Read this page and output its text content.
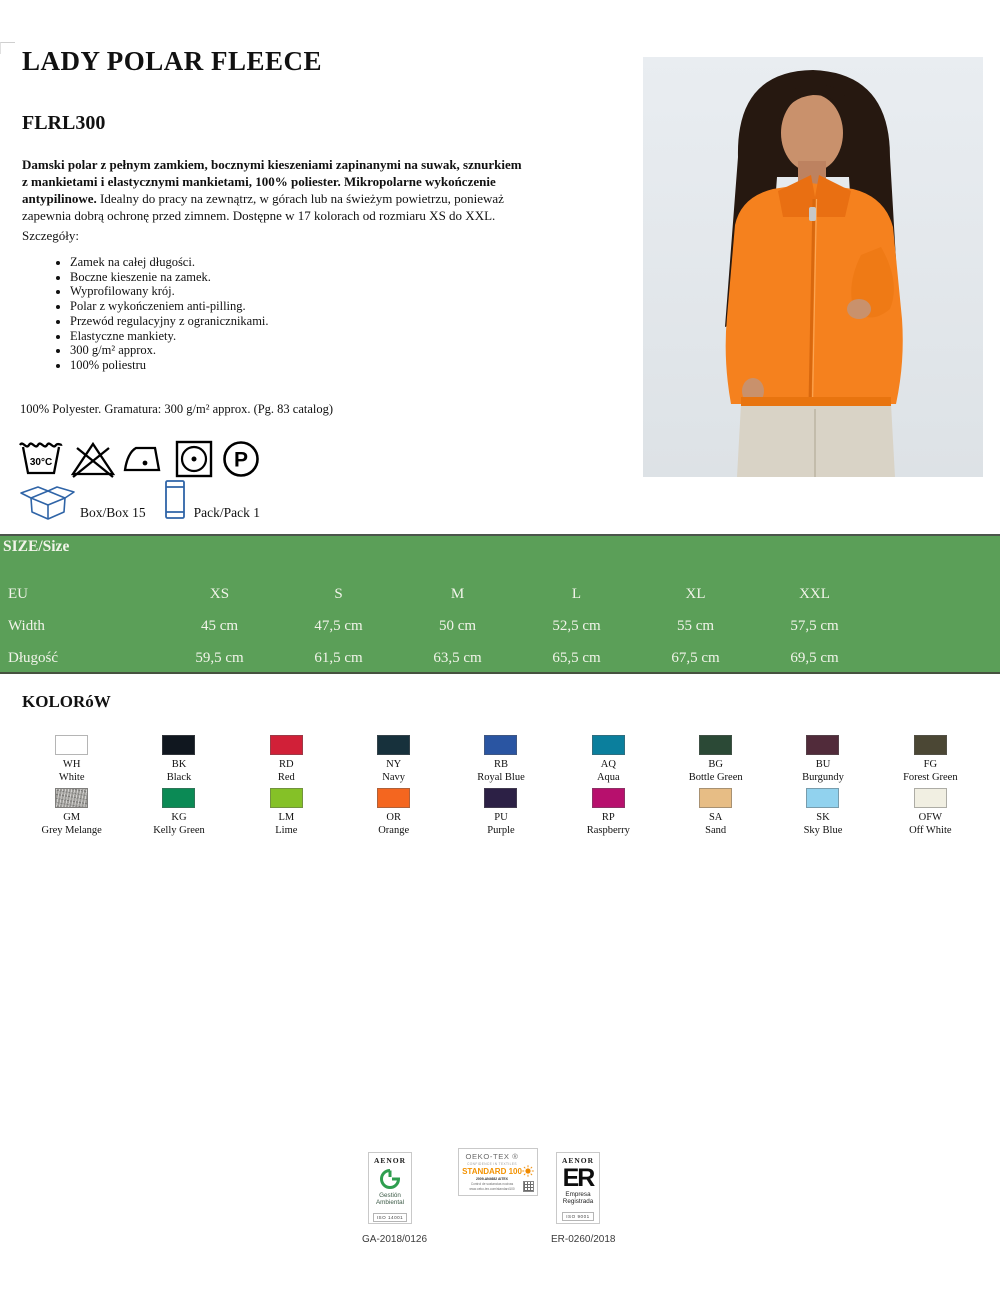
LADY POLAR FLEECE
FLRL300

Damski polar z pełnym zamkiem, bocznymi kieszeniami zapinanymi na suwak, sznurkiem z mankietami i elastycznymi mankietami, 100% poliester. Mikropolarne wykończenie antypilinowe. Idealny do pracy na zewnątrz, w górach lub na świeżym powietrzu, ponieważ zapewnia dobrą ochronę przed zimnem. Dostępne w 17 kolorach od rozmiaru XS do XXL.

Szczegóły:
• Zamek na całej długości.
• Boczne kieszenie na zamek.
• Wyprofilowany krój.
• Polar z wykończeniem anti-pilling.
• Przewód regulacyjny z ogranicznikami.
• Elastyczne mankiety.
• 300 g/m² approx.
• 100% poliestru
100% Polyester. Gramatura: 300 g/m² approx. (Pg. 83 catalog)
30°C	P
Box/Box 15	Pack/Pack 1
SIZE/Size
EU	XS	S	M	L	XL	XXL
Width	45 cm	47,5 cm	50 cm	52,5 cm	55 cm	57,5 cm
Długość	59,5 cm	61,5 cm	63,5 cm	65,5 cm	67,5 cm	69,5 cm
KOLORóW
WH
White
BK
Black
RD
Red
NY
Navy
RB
Royal Blue
AQ
Aqua
BG
Bottle Green
BU
Burgundy
FG
Forest Green
GM
Grey Melange
KG
Kelly Green
LM
Lime
OR
Orange
PU
Purple
RP
Raspberry
SA
Sand
SK
Sky Blue
OFW
Off White
AENOR
Gestión
Ambiental
ISO 14001
OEKO-TEX ®
CONFIDENCE IN TEXTILES
STANDARD 100
2009-AN4682 AITEX
Control de sustancias nocivas
www.oeko-tex.com/standard100
AENOR
ER
Empresa
Registrada
ISO 9001
GA-2018/0126	ER-0260/2018
